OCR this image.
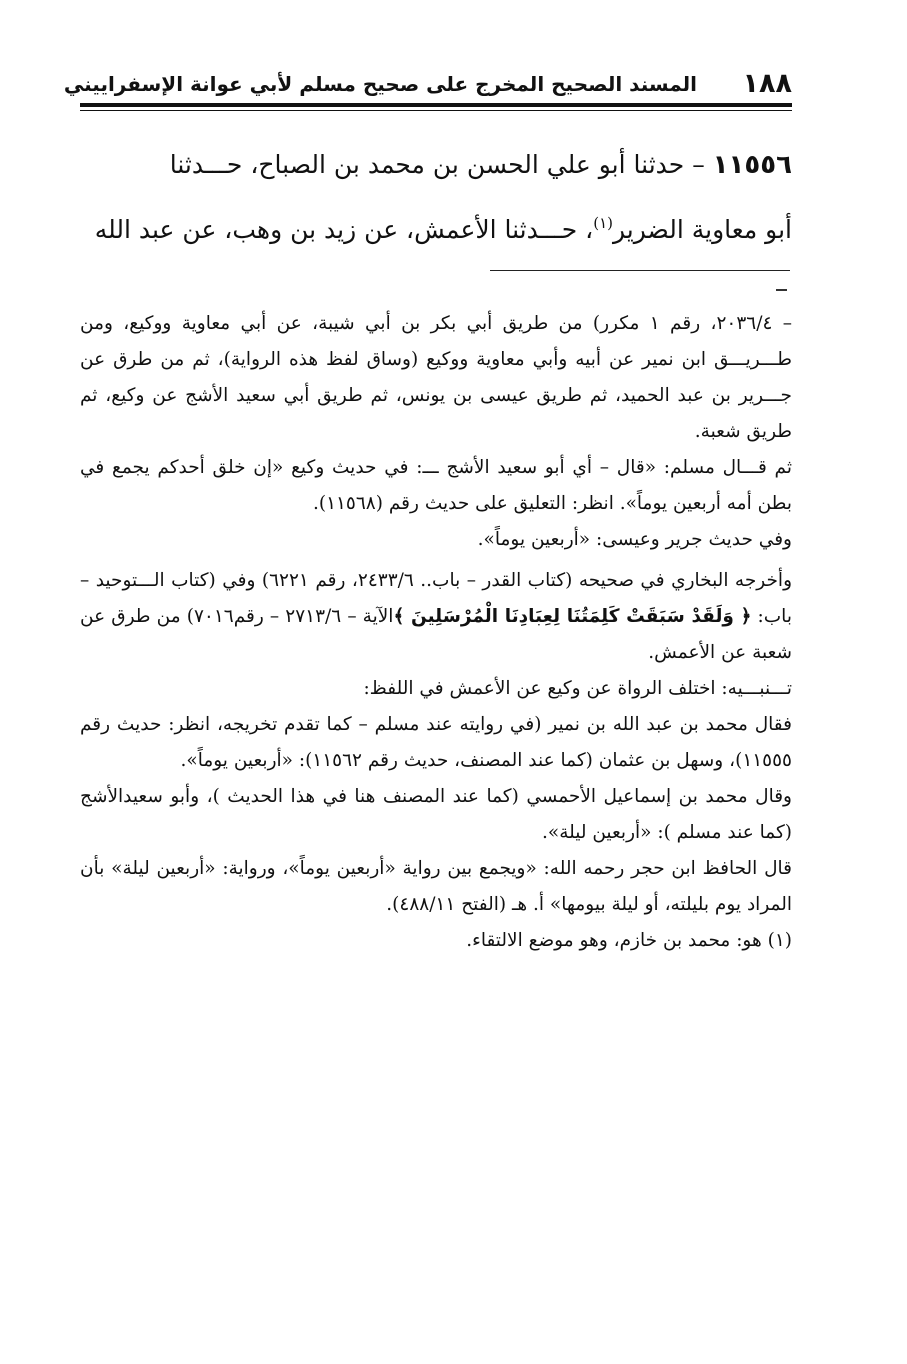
١٨٨
المسند الصحيح المخرج على صحيح مسلم لأبي عوانة الإسفراييني
١١٥٥٦ – حدثنا أبو علي الحسن بن محمد بن الصباح، حـــدثنا
أبو معاوية الضرير$^{(١)}$، حـــدثنا الأعمش، عن زيد بن وهب، عن عبد الله

– ٢٠٣٦/٤، رقم ١ مكرر) من طريق أبي بكر بن أبي شيبة، عن أبي معاوية ووكيع، ومن طـــريـــق ابن نمير عن أبيه وأبي معاوية ووكيع (وساق لفظ هذه الرواية)، ثم من طرق عن جـــرير بن عبد الحميد، ثم طريق عيسى بن يونس، ثم طريق أبي سعيد الأشج عن وكيع، ثم طريق شعبة.

ثم قـــال مسلم: «قال – أي أبو سعيد الأشج ـــ: في حديث وكيع «إن خلق أحدكم يجمع في بطن أمه أربعين يوماً». انظر: التعليق على حديث رقم (١١٥٦٨).

وفي حديث جرير وعيسى: «أربعين يوماً».

وأخرجه البخاري في صحيحه (كتاب القدر – باب.. ٢٤٣٣/٦، رقم ٦٢٢١) وفي (كتاب الـــتوحيد – باب: ﴿ وَلَقَدْ سَبَقَتْ كَلِمَتُنَا لِعِبَادِنَا الْمُرْسَلِينَ ﴾الآية – ٢٧١٣/٦ – رقم٧٠١٦) من طرق عن شعبة عن الأعمش.

تـــنبـــيه: اختلف الرواة عن وكيع عن الأعمش في اللفظ:

فقال محمد بن عبد الله بن نمير (في روايته عند مسلم – كما تقدم تخريجه، انظر: حديث رقم ١١٥٥٥)، وسهل بن عثمان (كما عند المصنف، حديث رقم ١١٥٦٢): «أربعين يوماً».

وقال محمد بن إسماعيل الأحمسي (كما عند المصنف هنا في هذا الحديث )، وأبو سعيدالأشج (كما عند مسلم ): «أربعين ليلة».

قال الحافظ ابن حجر رحمه الله: «ويجمع بين رواية «أربعين يوماً»، ورواية: «أربعين ليلة» بأن المراد يوم بليلته، أو ليلة بيومها» أ. هـ (الفتح ٤٨٨/١١).

(١) هو: محمد بن خازم، وهو موضع الالتقاء.
